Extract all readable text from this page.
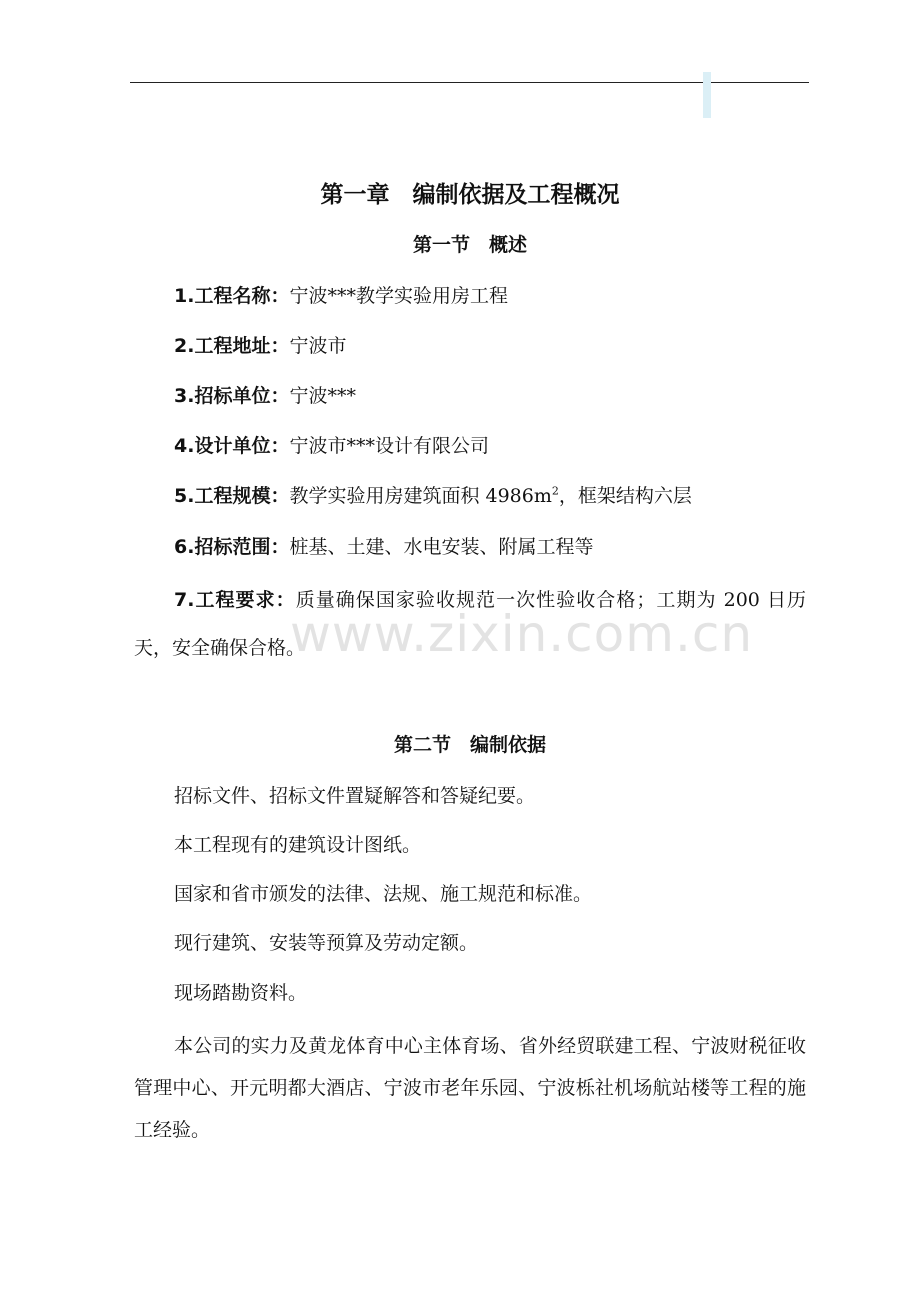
www.zixin.com.cn
第一章　编制依据及工程概况
第一节　概述
1.工程名称：宁波***教学实验用房工程
2.工程地址：宁波市
3.招标单位：宁波***
4.设计单位：宁波市***设计有限公司
5.工程规模：教学实验用房建筑面积 $4986m^2$，框架结构六层
6.招标范围：桩基、土建、水电安装、附属工程等
7.工程要求：质量确保国家验收规范一次性验收合格；工期为 200 日历天，安全确保合格。
第二节　编制依据
招标文件、招标文件置疑解答和答疑纪要。
本工程现有的建筑设计图纸。
国家和省市颁发的法律、法规、施工规范和标准。
现行建筑、安装等预算及劳动定额。
现场踏勘资料。
本公司的实力及黄龙体育中心主体育场、省外经贸联建工程、宁波财税征收管理中心、开元明都大酒店、宁波市老年乐园、宁波栎社机场航站楼等工程的施工经验。
